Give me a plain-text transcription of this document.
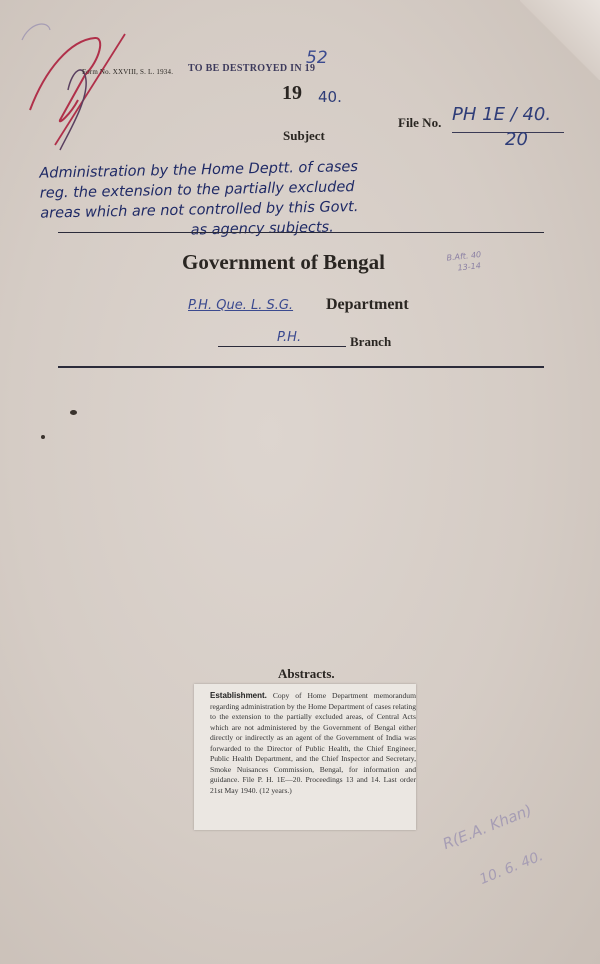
Form No. XXVIII, S. L. 1934. TO BE DESTROYED IN 19
52
19 40.
Subject
File No. PH 1E / 40.
20
Administration by the Home Deptt. of cases
reg. the extension to the partially excluded
areas which are not controlled by this Govt.
as agency subjects.
Government of Bengal	B.Aft. 40
13-14
P.H. Que. L. S.G. Department
P.H.	Branch
Abstracts.
Establishment. Copy of Home Department memorandum regarding administration by the Home Department of cases relating to the extension to the partially excluded areas, of Central Acts which are not administered by the Government of Bengal either directly or indirectly as an agent of the Government of India was forwarded to the Director of Public Health, the Chief Engineer, Public Health Department, and the Chief Inspector and Secretary, Smoke Nuisances Commission, Bengal, for information and guidance. File P. H. 1E—20. Proceedings 13 and 14. Last order 21st May 1940. (12 years.)
R(E.A. Khan)
10. 6. 40.
